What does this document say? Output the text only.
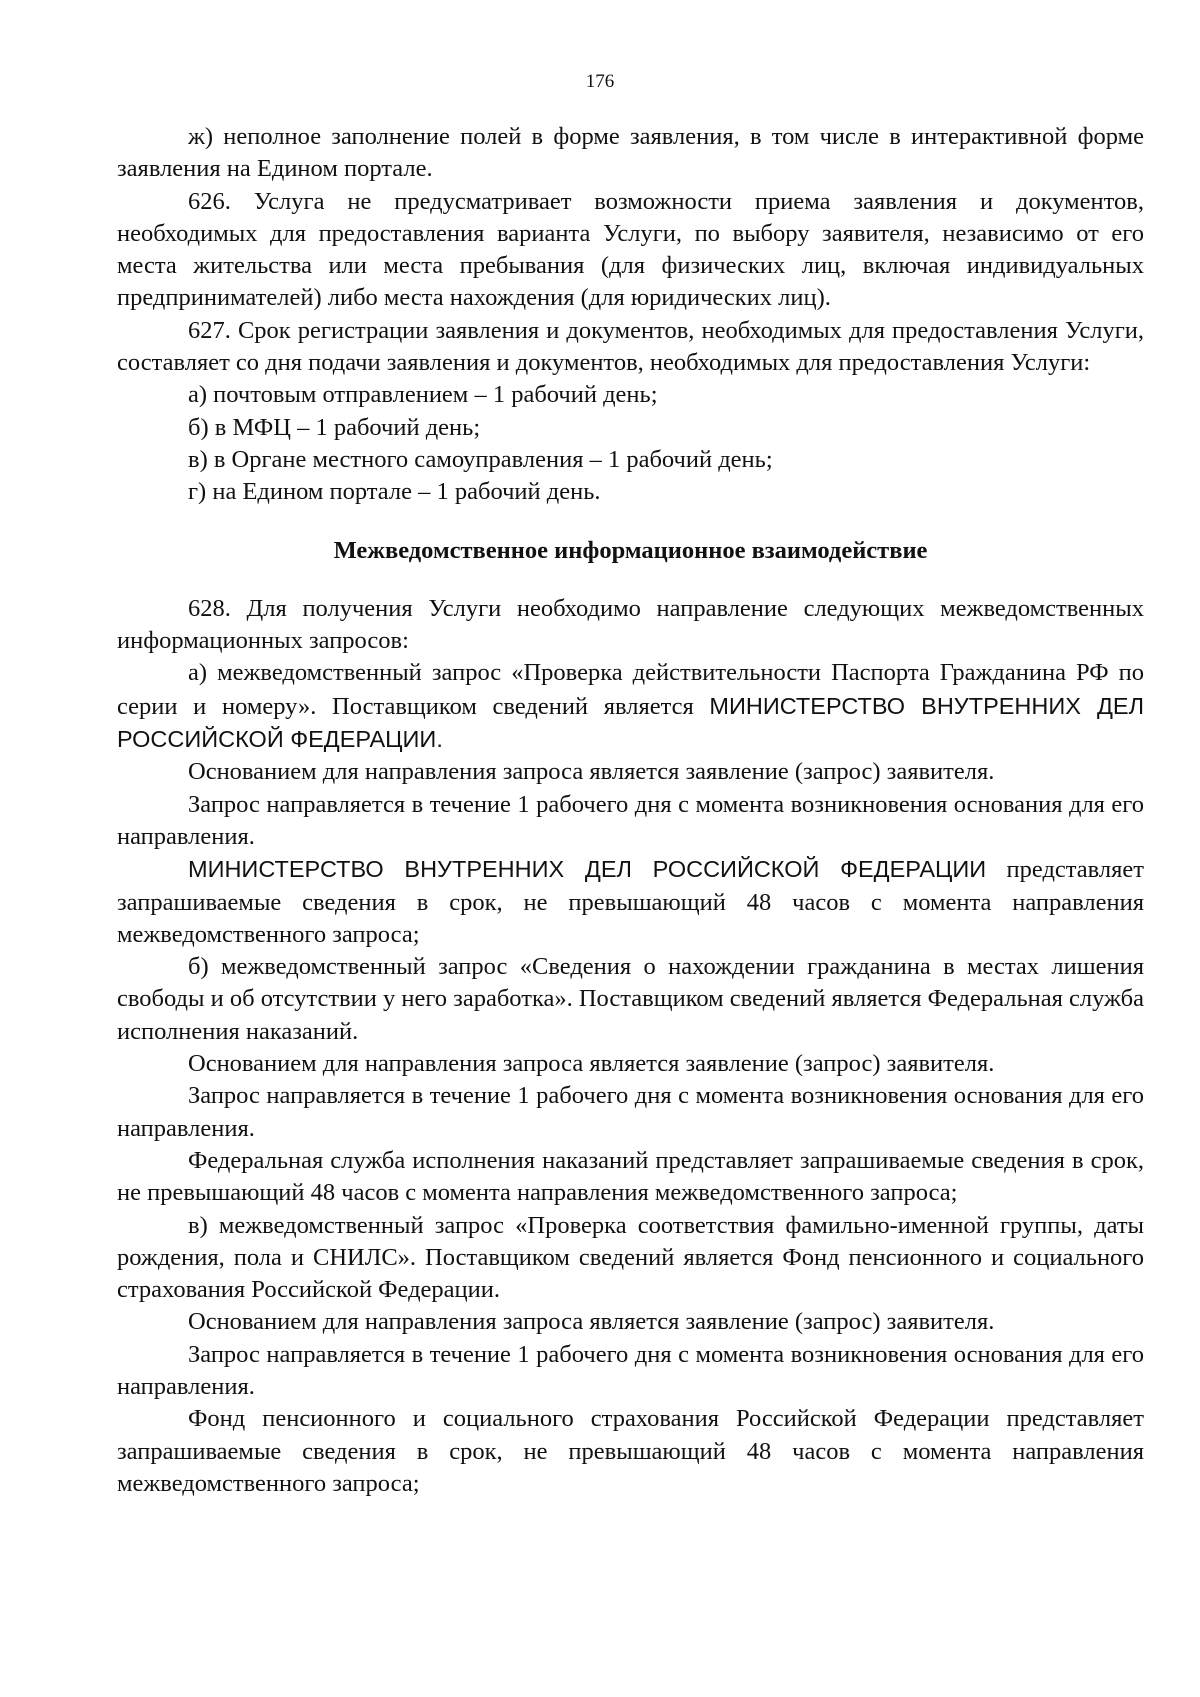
176

ж) неполное заполнение полей в форме заявления, в том числе в интерактивной форме заявления на Едином портале.

626. Услуга не предусматривает возможности приема заявления и документов, необходимых для предоставления варианта Услуги, по выбору заявителя, независимо от его места жительства или места пребывания (для физических лиц, включая индивидуальных предпринимателей) либо места нахождения (для юридических лиц).

627. Срок регистрации заявления и документов, необходимых для предоставления Услуги, составляет со дня подачи заявления и документов, необходимых для предоставления Услуги:

а) почтовым отправлением – 1 рабочий день;

б) в МФЦ – 1 рабочий день;

в) в Органе местного самоуправления – 1 рабочий день;

г) на Едином портале – 1 рабочий день.

Межведомственное информационное взаимодействие

628. Для получения Услуги необходимо направление следующих межведомственных информационных запросов:

а) межведомственный запрос «Проверка действительности Паспорта Гражданина РФ по серии и номеру». Поставщиком сведений является МИНИСТЕРСТВО ВНУТРЕННИХ ДЕЛ РОССИЙСКОЙ ФЕДЕРАЦИИ.

Основанием для направления запроса является заявление (запрос) заявителя.

Запрос направляется в течение 1 рабочего дня с момента возникновения основания для его направления.

МИНИСТЕРСТВО ВНУТРЕННИХ ДЕЛ РОССИЙСКОЙ ФЕДЕРАЦИИ представляет запрашиваемые сведения в срок, не превышающий 48 часов с момента направления межведомственного запроса;

б) межведомственный запрос «Сведения о нахождении гражданина в местах лишения свободы и об отсутствии у него заработка». Поставщиком сведений является Федеральная служба исполнения наказаний.

Основанием для направления запроса является заявление (запрос) заявителя.

Запрос направляется в течение 1 рабочего дня с момента возникновения основания для его направления.

Федеральная служба исполнения наказаний представляет запрашиваемые сведения в срок, не превышающий 48 часов с момента направления межведомственного запроса;

в) межведомственный запрос «Проверка соответствия фамильно-именной группы, даты рождения, пола и СНИЛС». Поставщиком сведений является Фонд пенсионного и социального страхования Российской Федерации.

Основанием для направления запроса является заявление (запрос) заявителя.

Запрос направляется в течение 1 рабочего дня с момента возникновения основания для его направления.

Фонд пенсионного и социального страхования Российской Федерации представляет запрашиваемые сведения в срок, не превышающий 48 часов с момента направления межведомственного запроса;
